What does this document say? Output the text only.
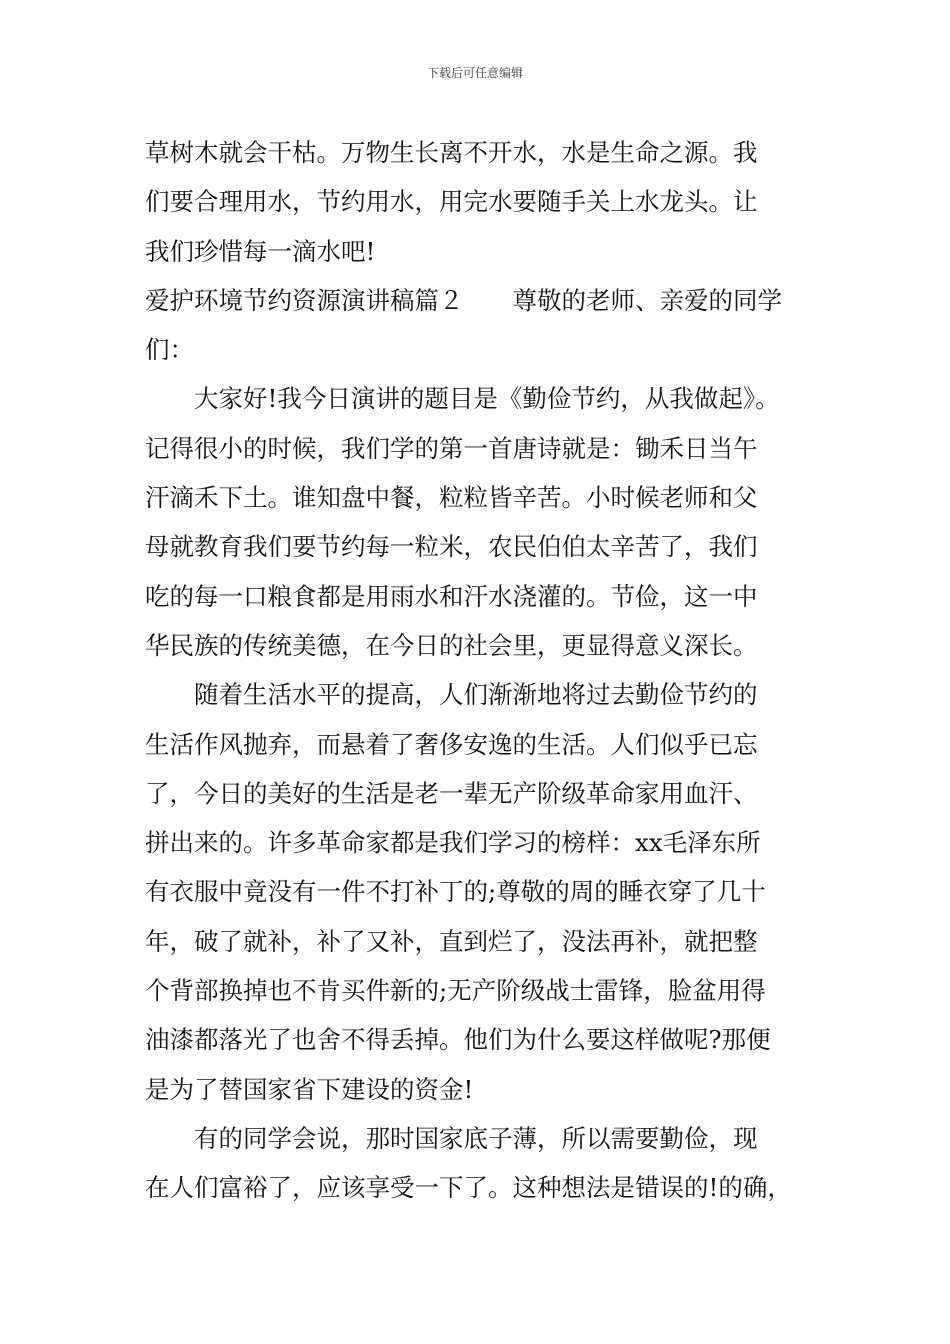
下载后可任意编辑
草树木就会干枯。万物生长离不开水，水是生命之源。我
们要合理用水，节约用水，用完水要随手关上水龙头。让
我们珍惜每一滴水吧!
爱护环境节约资源演讲稿篇２　　尊敬的老师、亲爱的同学
们：
大家好!我今日演讲的题目是《勤俭节约，从我做起》。
记得很小的时候，我们学的第一首唐诗就是：锄禾日当午
汗滴禾下土。谁知盘中餐，粒粒皆辛苦。小时候老师和父
母就教育我们要节约每一粒米，农民伯伯太辛苦了，我们
吃的每一口粮食都是用雨水和汗水浇灌的。节俭，这一中
华民族的传统美德，在今日的社会里，更显得意义深长。
随着生活水平的提高，人们渐渐地将过去勤俭节约的
生活作风抛弃，而悬着了奢侈安逸的生活。人们似乎已忘
了，今日的美好的生活是老一辈无产阶级革命家用血汗、
拼出来的。许多革命家都是我们学习的榜样：xx毛泽东所
有衣服中竟没有一件不打补丁的;尊敬的周的睡衣穿了几十
年，破了就补，补了又补，直到烂了，没法再补，就把整
个背部换掉也不肯买件新的;无产阶级战士雷锋，脸盆用得
油漆都落光了也舍不得丢掉。他们为什么要这样做呢?那便
是为了替国家省下建设的资金!
有的同学会说，那时国家底子薄，所以需要勤俭，现
在人们富裕了，应该享受一下了。这种想法是错误的!的确，
